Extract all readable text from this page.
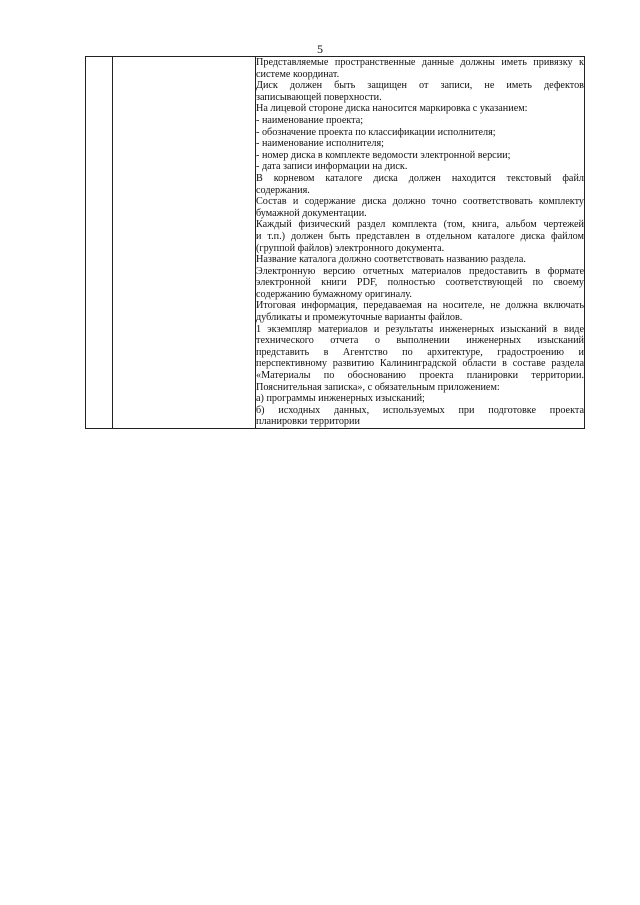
5

Представляемые пространственные данные должны иметь привязку к
системе координат.
Диск должен быть защищен от записи, не иметь дефектов
записывающей поверхности.
На лицевой стороне диска наносится маркировка с указанием:
- наименование проекта;
- обозначение проекта по классификации исполнителя;
- наименование исполнителя;
- номер диска в комплекте ведомости электронной версии;
- дата записи информации на диск.
В корневом каталоге диска должен находится текстовый файл
содержания.
Состав и содержание диска должно точно соответствовать комплекту
бумажной документации.
Каждый физический раздел комплекта (том, книга, альбом чертежей
и т.п.) должен быть представлен в отдельном каталоге диска файлом
(группой файлов) электронного документа.
Название каталога должно соответствовать названию раздела.
Электронную версию отчетных материалов предоставить в формате
электронной книги PDF, полностью соответствующей по своему
содержанию бумажному оригиналу.
Итоговая информация, передаваемая на носителе, не должна включать
дубликаты и промежуточные варианты файлов.
1 экземпляр материалов и результаты инженерных изысканий в виде
технического отчета о выполнении инженерных изысканий
представить в Агентство по архитектуре, градостроению и
перспективному развитию Калининградской области в составе раздела
«Материалы по обоснованию проекта планировки территории.
Пояснительная записка», с обязательным приложением:
а) программы инженерных изысканий;
б) исходных данных, используемых при подготовке проекта
планировки территории
